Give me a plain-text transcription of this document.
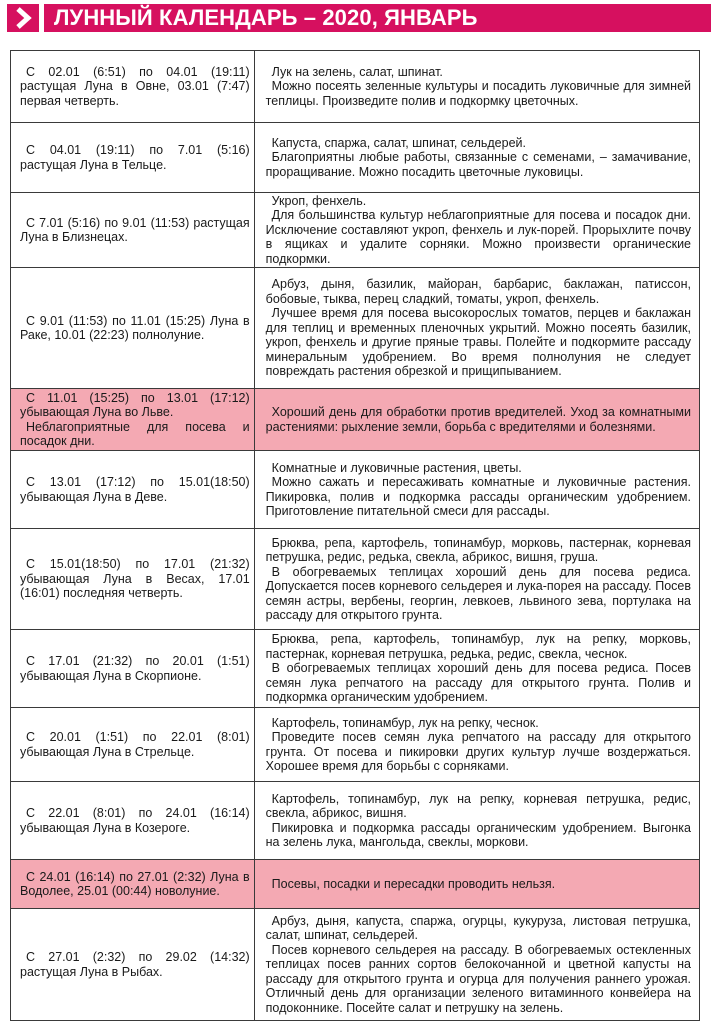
ЛУННЫЙ КАЛЕНДАРЬ – 2020, ЯНВАРЬ
С 02.01 (6:51) по 04.01 (19:11) растущая Луна в Овне, 03.01 (7:47) первая четверть.
Лук на зелень, салат, шпинат.
Можно посеять зеленные культуры и посадить луковичные для зимней теплицы. Произведите полив и подкормку цветочных.
С 04.01 (19:11) по 7.01 (5:16) растущая Луна в Тельце.
Капуста, спаржа, салат, шпинат, сельдерей.
Благоприятны любые работы, связанные с семенами, – замачивание, проращивание. Можно посадить цветочные луковицы.
С 7.01 (5:16) по 9.01 (11:53) растущая Луна в Близнецах.
Укроп, фенхель.
Для большинства культур неблагоприятные для посева и посадок дни. Исключение составляют укроп, фенхель и лук-порей. Прорыхлите почву в ящиках и удалите сорняки. Можно произвести органические подкормки.
С 9.01 (11:53) по 11.01 (15:25) Луна в Раке, 10.01 (22:23) полнолуние.
Арбуз, дыня, базилик, майоран, барбарис, баклажан, патиссон, бобовые, тыква, перец сладкий, томаты, укроп, фенхель.
Лучшее время для посева высокорослых томатов, перцев и баклажан для теплиц и временных пленочных укрытий. Можно посеять базилик, укроп, фенхель и другие пряные травы. Полейте и подкормите рассаду минеральным удобрением. Во время полнолуния не следует повреждать растения обрезкой и прищипыванием.
С 11.01 (15:25) по 13.01 (17:12) убывающая Луна во Льве.
Неблагоприятные для посева и посадок дни.
Хороший день для обработки против вредителей. Уход за комнатными растениями: рыхление земли, борьба с вредителями и болезнями.
С 13.01 (17:12) по 15.01(18:50) убывающая Луна в Деве.
Комнатные и луковичные растения, цветы.
Можно сажать и пересаживать комнатные и луковичные растения. Пикировка, полив и подкормка рассады органическим удобрением. Приготовление питательной смеси для рассады.
С 15.01(18:50) по 17.01 (21:32) убывающая Луна в Весах, 17.01 (16:01) последняя четверть.
Брюква, репа, картофель, топинамбур, морковь, пастернак, корневая петрушка, редис, редька, свекла, абрикос, вишня, груша.
В обогреваемых теплицах хороший день для посева редиса. Допускается посев корневого сельдерея и лука-порея на рассаду. Посев семян астры, вербены, георгин, левкоев, львиного зева, портулака на рассаду для открытого грунта.
С 17.01 (21:32) по 20.01 (1:51) убывающая Луна в Скорпионе.
Брюква, репа, картофель, топинамбур, лук на репку, морковь, пастернак, корневая петрушка, редька, редис, свекла, чеснок.
В обогреваемых теплицах хороший день для посева редиса. Посев семян лука репчатого на рассаду для открытого грунта. Полив и подкормка органическим удобрением.
С 20.01 (1:51) по 22.01 (8:01) убывающая Луна в Стрельце.
Картофель, топинамбур, лук на репку, чеснок.
Проведите посев семян лука репчатого на рассаду для открытого грунта. От посева и пикировки других культур лучше воздержаться. Хорошее время для борьбы с сорняками.
С 22.01 (8:01) по 24.01 (16:14) убывающая Луна в Козероге.
Картофель, топинамбур, лук на репку, корневая петрушка, редис, свекла, абрикос, вишня.
Пикировка и подкормка рассады органическим удобрением. Выгонка на зелень лука, мангольда, свеклы, моркови.
С 24.01 (16:14) по 27.01 (2:32) Луна в Водолее, 25.01 (00:44) новолуние.
Посевы, посадки и пересадки проводить нельзя.
С 27.01 (2:32) по 29.02 (14:32) растущая Луна в Рыбах.
Арбуз, дыня, капуста, спаржа, огурцы, кукуруза, листовая петрушка, салат, шпинат, сельдерей.
Посев корневого сельдерея на рассаду. В обогреваемых остекленных теплицах посев ранних сортов белокочанной и цветной капусты на рассаду для открытого грунта и огурца для получения раннего урожая. Отличный день для организации зеленого витаминного конвейера на подоконнике. Посейте салат и петрушку на зелень.
